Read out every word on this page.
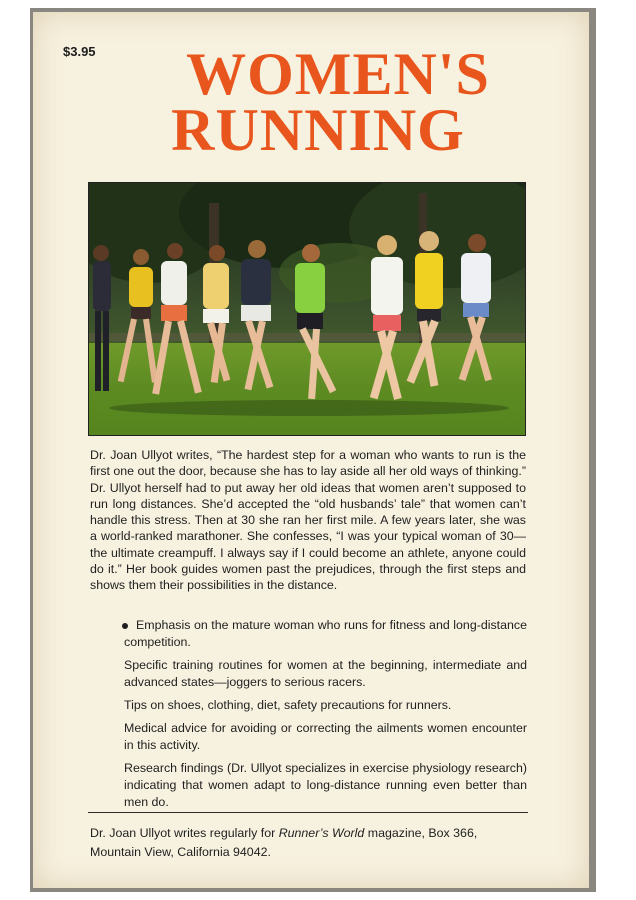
$3.95	WOMEN'S
RUNNING
Dr. Joan Ullyot writes, “The hardest step for a woman who wants to run is the first one out the door, because she has to lay aside all her old ways of thinking.” Dr. Ullyot herself had to put away her old ideas that women aren’t supposed to run long distances. She’d accepted the “old husbands’ tale” that women can’t handle this stress. Then at 30 she ran her first mile. A few years later, she was a world-ranked marathoner. She confesses, “I was your typical woman of 30—the ultimate creampuff. I always say if I could become an athlete, anyone could do it.” Her book guides women past the prejudices, through the first steps and shows them their possibilities in the distance.
Emphasis on the mature woman who runs for fitness and long-distance competition.
Specific training routines for women at the beginning, intermediate and advanced states—joggers to serious racers.
Tips on shoes, clothing, diet, safety precautions for runners.
Medical advice for avoiding or correcting the ailments women encounter in this activity.
Research findings (Dr. Ullyot specializes in exercise physiology research) indicating that women adapt to long-distance running even better than men do.
Dr. Joan Ullyot writes regularly for Runner’s World magazine, Box 366, Mountain View, California 94042.
